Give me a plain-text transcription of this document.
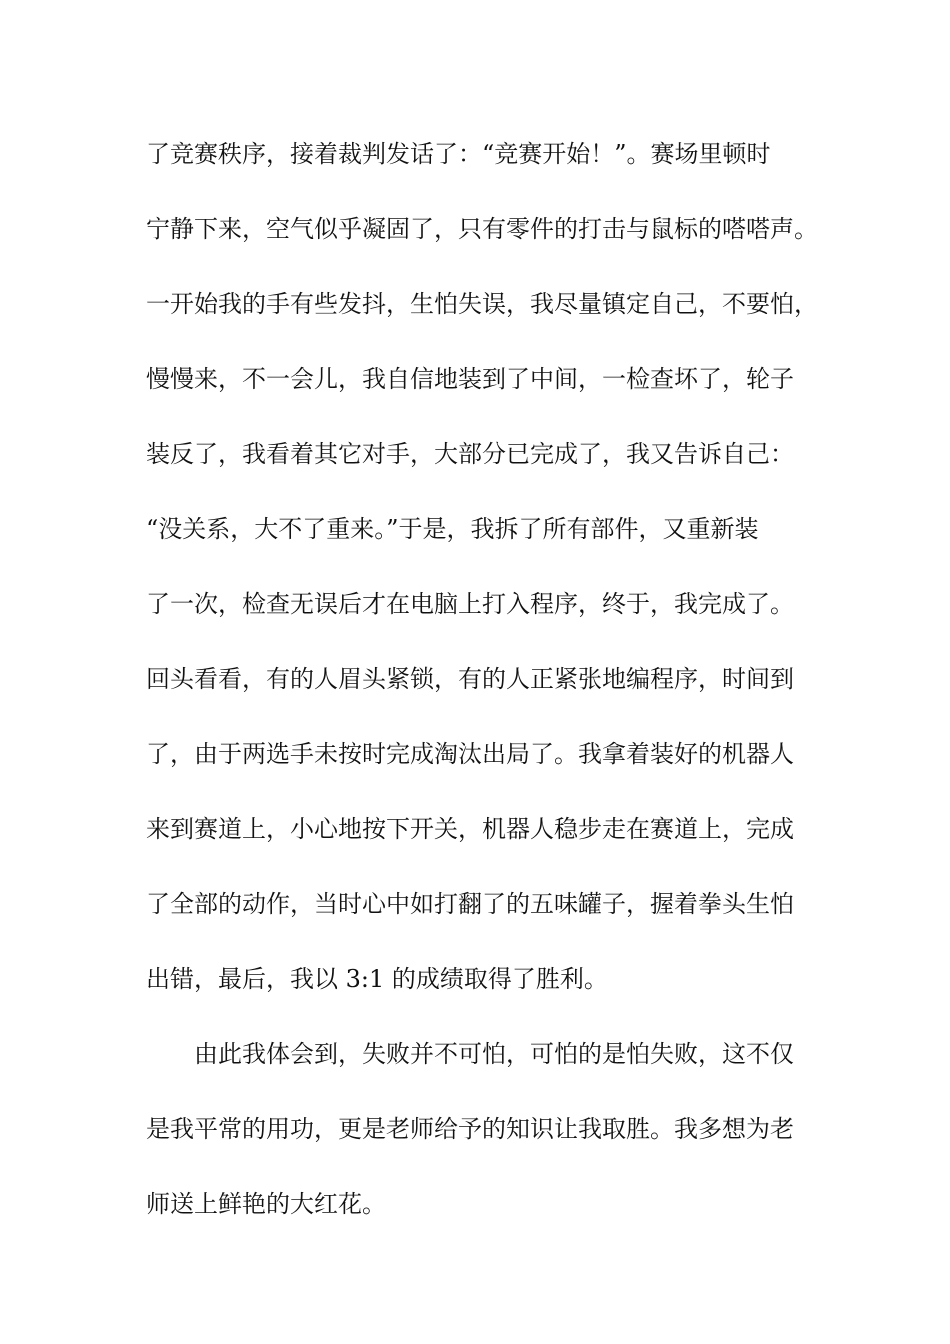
了竞赛秩序，接着裁判发话了：“竞赛开始！”。赛场里顿时
宁静下来，空气似乎凝固了，只有零件的打击与鼠标的嗒嗒声。
一开始我的手有些发抖，生怕失误，我尽量镇定自己，不要怕，
慢慢来，不一会儿，我自信地装到了中间，一检查坏了，轮子
装反了，我看着其它对手，大部分已完成了，我又告诉自己：
“没关系，大不了重来。”于是，我拆了所有部件，又重新装
了一次，检查无误后才在电脑上打入程序，终于，我完成了。
回头看看，有的人眉头紧锁，有的人正紧张地编程序，时间到
了，由于两选手未按时完成淘汰出局了。我拿着装好的机器人
来到赛道上，小心地按下开关，机器人稳步走在赛道上，完成
了全部的动作，当时心中如打翻了的五味罐子，握着拳头生怕
出错，最后，我以 3:1 的成绩取得了胜利。
由此我体会到，失败并不可怕，可怕的是怕失败，这不仅
是我平常的用功，更是老师给予的知识让我取胜。我多想为老
师送上鲜艳的大红花。
